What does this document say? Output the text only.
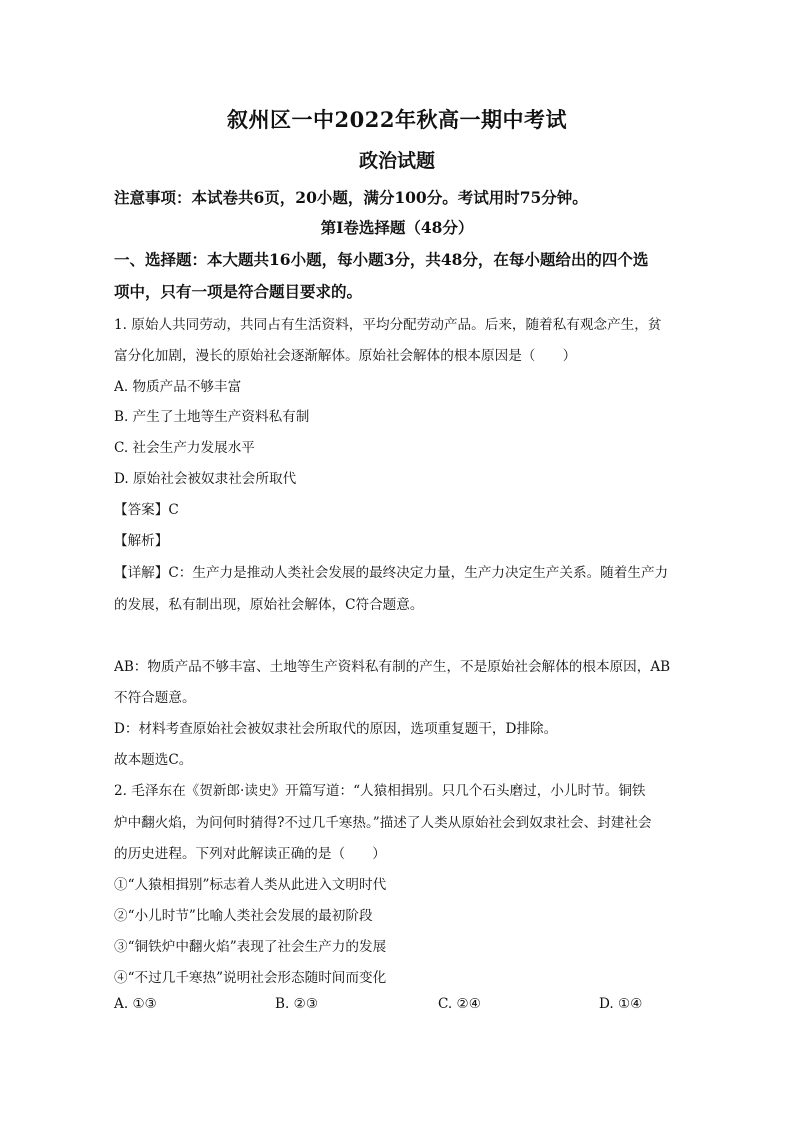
叙州区一中2022年秋高一期中考试
政治试题
注意事项：本试卷共6页，20小题，满分100分。考试用时75分钟。
第I卷选择题（48分）
一、选择题：本大题共16小题，每小题3分，共48分，在每小题给出的四个选
项中，只有一项是符合题目要求的。
1. 原始人共同劳动，共同占有生活资料，平均分配劳动产品。后来，随着私有观念产生，贫
富分化加剧，漫长的原始社会逐渐解体。原始社会解体的根本原因是（　　）
A. 物质产品不够丰富
B. 产生了土地等生产资料私有制
C. 社会生产力发展水平
D. 原始社会被奴隶社会所取代
【答案】C
【解析】
【详解】C：生产力是推动人类社会发展的最终决定力量，生产力决定生产关系。随着生产力
的发展，私有制出现，原始社会解体，C符合题意。
AB：物质产品不够丰富、土地等生产资料私有制的产生，不是原始社会解体的根本原因，AB
不符合题意。
D：材料考查原始社会被奴隶社会所取代的原因，选项重复题干，D排除。
故本题选C。
2. 毛泽东在《贺新郎·读史》开篇写道：“人猿相揖别。只几个石头磨过，小儿时节。铜铁
炉中翻火焰，为问何时猜得?不过几千寒热。”描述了人类从原始社会到奴隶社会、封建社会
的历史进程。下列对此解读正确的是（　　）
①“人猿相揖别”标志着人类从此进入文明时代
②“小儿时节”比喻人类社会发展的最初阶段
③“铜铁炉中翻火焰”表现了社会生产力的发展
④“不过几千寒热”说明社会形态随时间而变化
A. ①③	B. ②③	C. ②④	D. ①④
